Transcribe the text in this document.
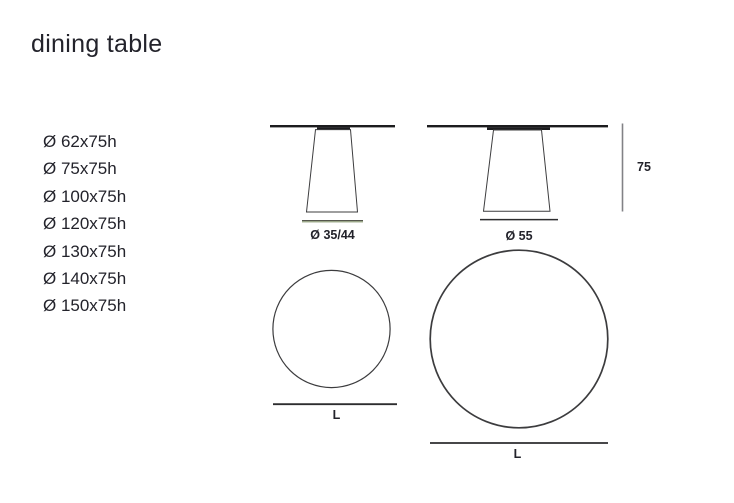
dining table
Ø 62x75h
Ø 75x75h
Ø 100x75h
Ø 120x75h
Ø 130x75h
Ø 140x75h
Ø 150x75h
Ø 35/44	Ø 55
75
L
L
